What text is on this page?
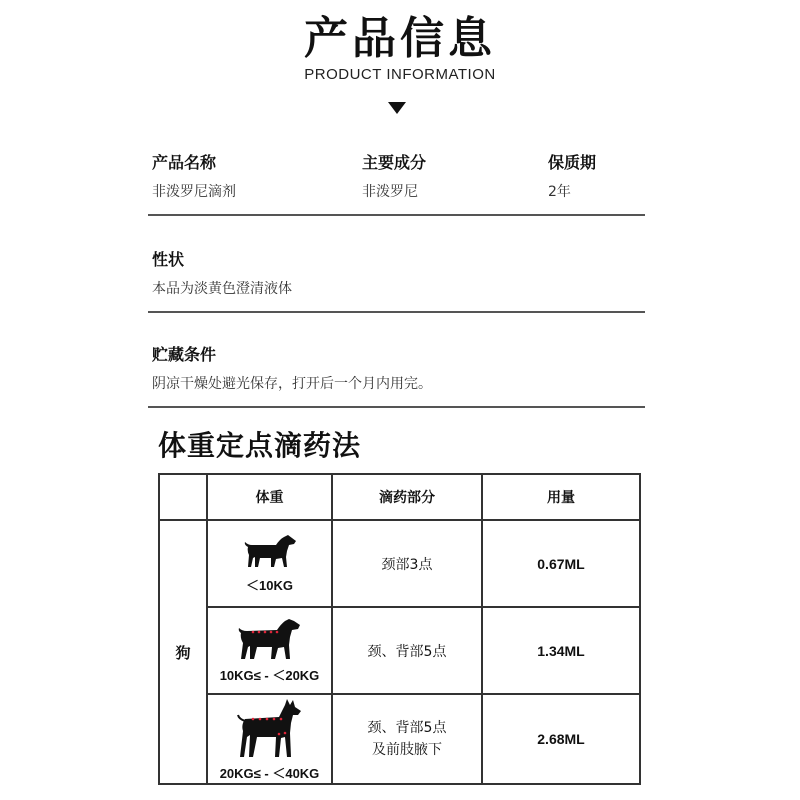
产品信息
PRODUCT INFORMATION
产品名称
非泼罗尼滴剂
主要成分
非泼罗尼
保质期
2年
性状
本品为淡黄色澄清液体
贮藏条件
阴凉干燥处避光保存，打开后一个月内用完。
体重定点滴药法
	体重	滴药部分	用量
狗	＜10KG	颈部3点	0.67ML

	10KG≤ - ＜20KG	颈、背部5点	1.34ML

	20KG≤ - ＜40KG	颈、背部5点
及前肢腋下	2.68ML
